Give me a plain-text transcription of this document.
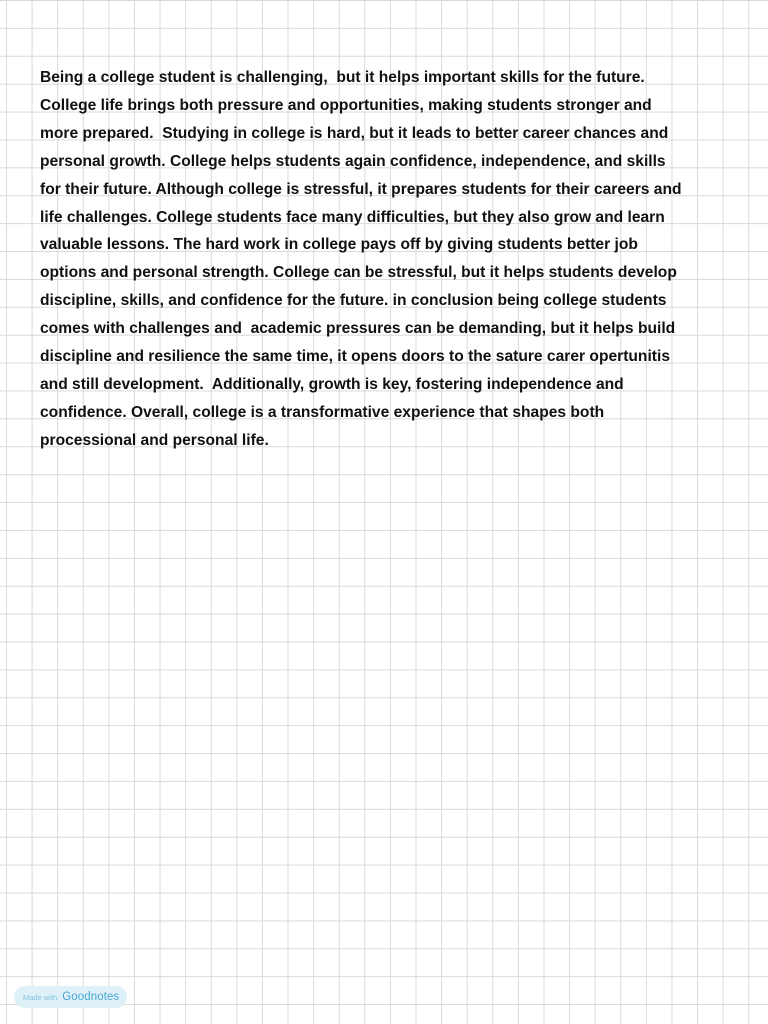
Being a college student is challenging,  but it helps important skills for the future.
College life brings both pressure and opportunities, making students stronger and
more prepared.  Studying in college is hard, but it leads to better career chances and
personal growth. College helps students again confidence, independence, and skills
for their future. Although college is stressful, it prepares students for their careers and
life challenges. College students face many difficulties, but they also grow and learn
valuable lessons. The hard work in college pays off by giving students better job
options and personal strength. College can be stressful, but it helps students develop
discipline, skills, and confidence for the future. in conclusion being college students
comes with challenges and  academic pressures can be demanding, but it helps build
discipline and resilience the same time, it opens doors to the sature carer opertunitis
and still development.  Additionally, growth is key, fostering independence and
confidence. Overall, college is a transformative experience that shapes both
processional and personal life.
Made with Goodnotes
